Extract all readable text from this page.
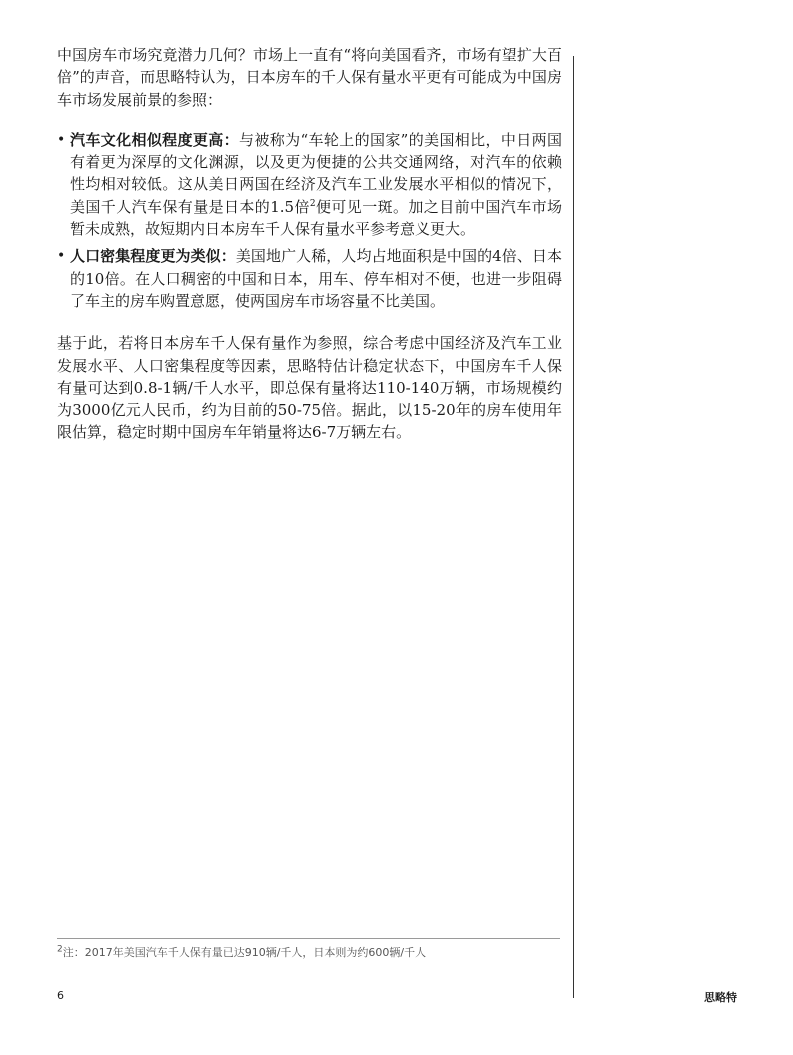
中国房车市场究竟潜力几何？市场上一直有“将向美国看齐，市场有望扩大百倍”的声音，而思略特认为，日本房车的千人保有量水平更有可能成为中国房车市场发展前景的参照：

• 汽车文化相似程度更高：与被称为“车轮上的国家”的美国相比，中日两国有着更为深厚的文化渊源，以及更为便捷的公共交通网络，对汽车的依赖性均相对较低。这从美日两国在经济及汽车工业发展水平相似的情况下，美国千人汽车保有量是日本的1.5倍$^2$便可见一斑。加之目前中国汽车市场暂未成熟，故短期内日本房车千人保有量水平参考意义更大。
• 人口密集程度更为类似：美国地广人稀，人均占地面积是中国的4倍、日本的10倍。在人口稠密的中国和日本，用车、停车相对不便，也进一步阻碍了车主的房车购置意愿，使两国房车市场容量不比美国。

基于此，若将日本房车千人保有量作为参照，综合考虑中国经济及汽车工业发展水平、人口密集程度等因素，思略特估计稳定状态下，中国房车千人保有量可达到0.8-1辆/千人水平，即总保有量将达110-140万辆，市场规模约为3000亿元人民币，约为目前的50-75倍。据此，以15-20年的房车使用年限估算，稳定时期中国房车年销量将达6-7万辆左右。

$^2$注：2017年美国汽车千人保有量已达910辆/千人，日本则为约600辆/千人
6	思略特
